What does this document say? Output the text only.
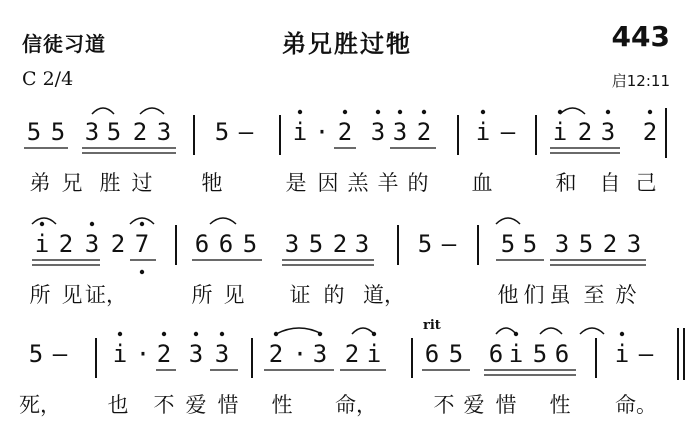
信徒习道	弟兄胜过牠	443
C 2/4	启12:11
5 5 3 5 2 3 5 — i · 2 3 3 2 i — i 2 3 2
i 2 3 2 7 6 6 5 3 5 2 3 5 — 5 5 3 5 2 3
5 — i · 2 3 3 2 · 3 2 i 6 5 6 i 5 6 i —
弟 兄 胜 过 牠	是 因 羔 羊 的 血	和 自 己
所 见 证，	所 见 证 的 道，	他 们 虽 至 於
死， 也 不 爱 惜 性 命，	不 爱 惜 性 命。
rit
